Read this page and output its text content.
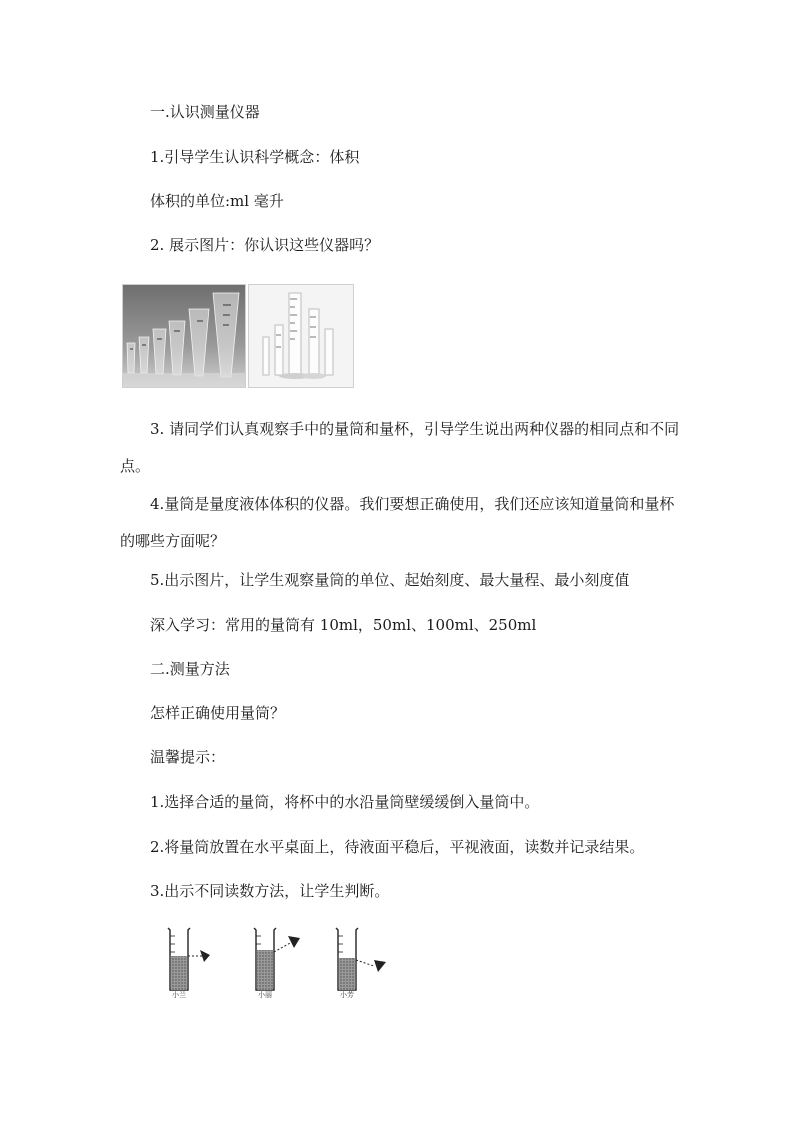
一.认识测量仪器
1.引导学生认识科学概念：体积
体积的单位:ml 毫升
2. 展示图片：你认识这些仪器吗？

3. 请同学们认真观察手中的量筒和量杯，引导学生说出两种仪器的相同点和不同点。

4.量筒是量度液体体积的仪器。我们要想正确使用，我们还应该知道量筒和量杯的哪些方面呢？

5.出示图片，让学生观察量筒的单位、起始刻度、最大量程、最小刻度值
深入学习：常用的量筒有 10ml，50ml、100ml、250ml
二.测量方法
怎样正确使用量筒？
温馨提示：
1.选择合适的量筒，将杯中的水沿量筒壁缓缓倒入量筒中。
2.将量筒放置在水平桌面上，待液面平稳后，平视液面，读数并记录结果。
3.出示不同读数方法，让学生判断。
小兰	小丽	小芳
